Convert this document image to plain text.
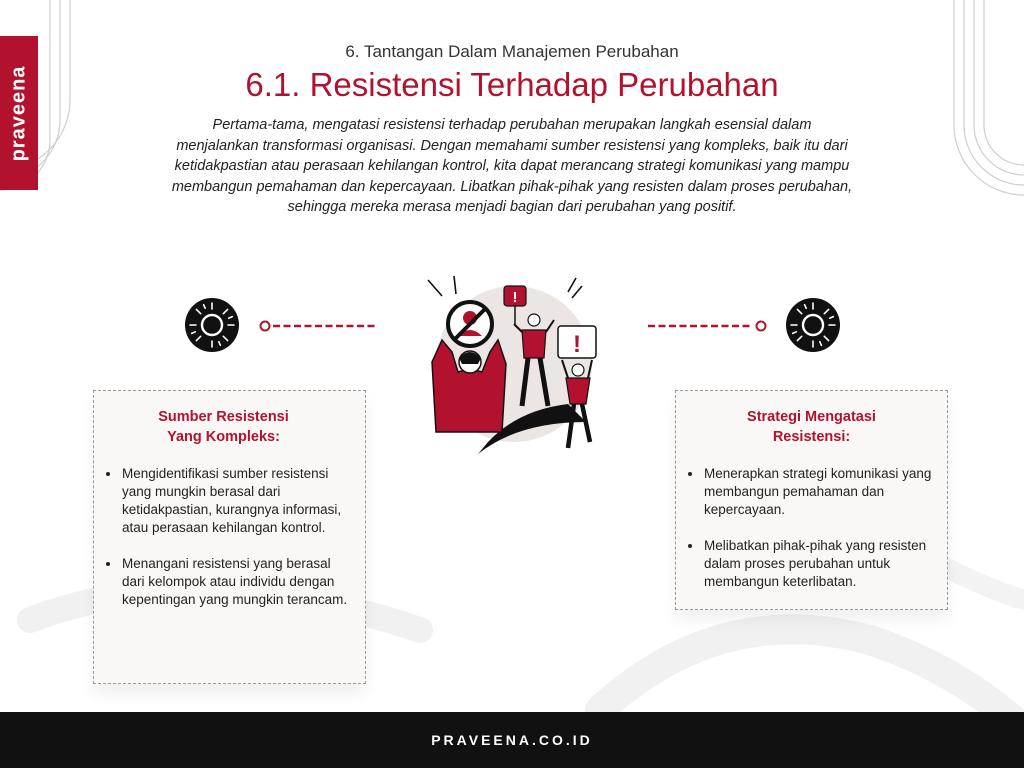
praveena
6. Tantangan Dalam Manajemen Perubahan
6.1. Resistensi Terhadap Perubahan
Pertama-tama, mengatasi resistensi terhadap perubahan merupakan langkah esensial dalam menjalankan transformasi organisasi. Dengan memahami sumber resistensi yang kompleks, baik itu dari ketidakpastian atau perasaan kehilangan kontrol, kita dapat merancang strategi komunikasi yang mampu membangun pemahaman dan kepercayaan. Libatkan pihak-pihak yang resisten dalam proses perubahan, sehingga mereka merasa menjadi bagian dari perubahan yang positif.
!
!
Sumber Resistensi
Yang Kompleks:
Mengidentifikasi sumber resistensi yang mungkin berasal dari ketidakpastian, kurangnya informasi, atau perasaan kehilangan kontrol.
Menangani resistensi yang berasal dari kelompok atau individu dengan kepentingan yang mungkin terancam.
Strategi Mengatasi
Resistensi:
Menerapkan strategi komunikasi yang membangun pemahaman dan kepercayaan.
Melibatkan pihak-pihak yang resisten dalam proses perubahan untuk membangun keterlibatan.
PRAVEENA.CO.ID
